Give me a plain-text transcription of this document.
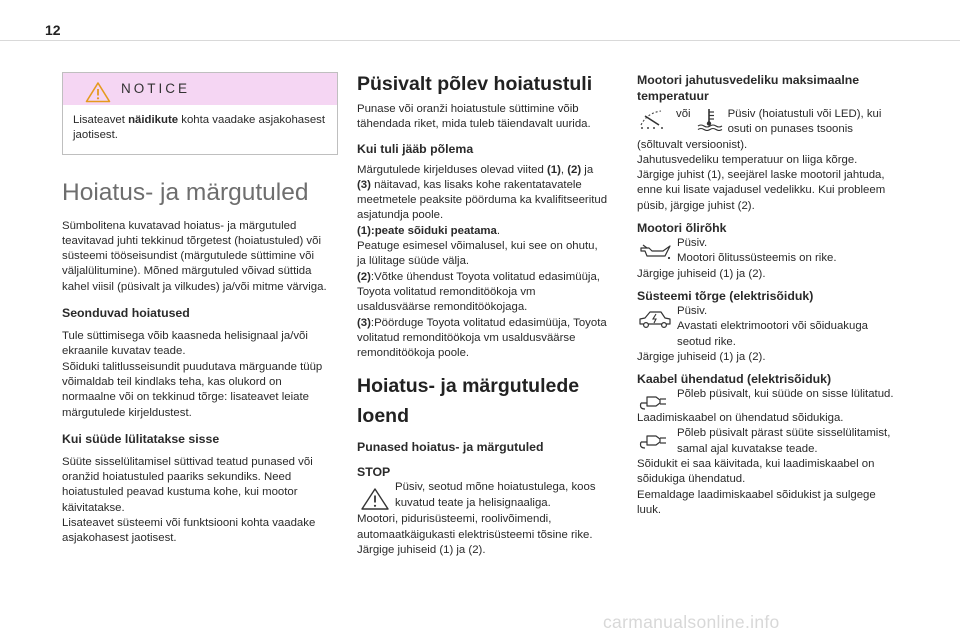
12
NOTICE

Lisateavet näidikute kohta vaadake asjakohasest jaotisest.

Hoiatus- ja märgutuled

Sümbolitena kuvatavad hoiatus- ja märgutuled teavitavad juhti tekkinud tõrgetest (hoiatustuled) või süsteemi tööseisundist (märgutulede süttimine või väljalülitumine). Mõned märgutuled võivad süttida kahel viisil (püsivalt ja vilkudes) ja/või mitme värviga.

Seonduvad hoiatused

Tule süttimisega võib kaasneda helisignaal ja/või ekraanile kuvatav teade.

Sõiduki talitlusseisundit puudutava märguande tüüp võimaldab teil kindlaks teha, kas olukord on normaalne või on tekkinud tõrge: lisateavet leiate märgutulede kirjeldustest.

Kui süüde lülitatakse sisse

Süüte sisselülitamisel süttivad teatud punased või oranžid hoiatustuled paariks sekundiks. Need hoiatustuled peavad kustuma kohe, kui mootor käivitatakse.

Lisateavet süsteemi või funktsiooni kohta vaadake asjakohasest jaotisest.

Püsivalt põlev hoiatustuli

Punase või oranži hoiatustule süttimine võib tähendada riket, mida tuleb täiendavalt uurida.

Kui tuli jääb põlema

Märgutulede kirjelduses olevad viited (1), (2) ja (3) näitavad, kas lisaks kohe rakentatavatele meetmetele peaksite pöörduma ka kvalifitseeritud asjatundja poole.

(1):peate sõiduki peatama.

Peatuge esimesel võimalusel, kui see on ohutu, ja lülitage süüde välja.

(2):Võtke ühendust Toyota volitatud edasimüüja, Toyota volitatud remonditöökoja vm usaldusväärse remonditöökojaga.

(3):Pöörduge Toyota volitatud edasimüüja, Toyota volitatud remonditöökoja vm usaldusväärse remonditöökoja poole.

Hoiatus- ja märgutulede
loend
Punased hoiatus- ja märgutuled
STOP

Püsiv, seotud mõne hoiatustulega, koos kuvatud teate ja helisignaaliga.

Mootori, pidurisüsteemi, roolivõimendi, automaatkäigukasti elektrisüsteemi tõsine rike.

Järgige juhiseid (1) ja (2).

Mootori jahutusvedeliku maksimaalne temperatuur
või	Püsiv (hoiatustuli või LED), kui osuti on punases tsoonis

(sõltuvalt versioonist).

Jahutusvedeliku temperatuur on liiga kõrge.

Järgige juhist (1), seejärel laske mootoril jahtuda, enne kui lisate vajadusel vedelikku. Kui probleem püsib, järgige juhist (2).

Mootori õlirõhk

Püsiv.
Mootori õlitussüsteemis on rike.

Järgige juhiseid (1) ja (2).

Süsteemi tõrge (elektrisõiduk)

Püsiv.
Avastati elektrimootori või sõiduakuga seotud rike.

Järgige juhiseid (1) ja (2).

Kaabel ühendatud (elektrisõiduk)

Põleb püsivalt, kui süüde on sisse lülitatud.

Laadimiskaabel on ühendatud sõidukiga.

Põleb püsivalt pärast süüte sisselülitamist, samal ajal kuvatakse teade.

Sõidukit ei saa käivitada, kui laadimiskaabel on sõidukiga ühendatud.

Eemaldage laadimiskaabel sõidukist ja sulgege luuk.

carmanualsonline.info
